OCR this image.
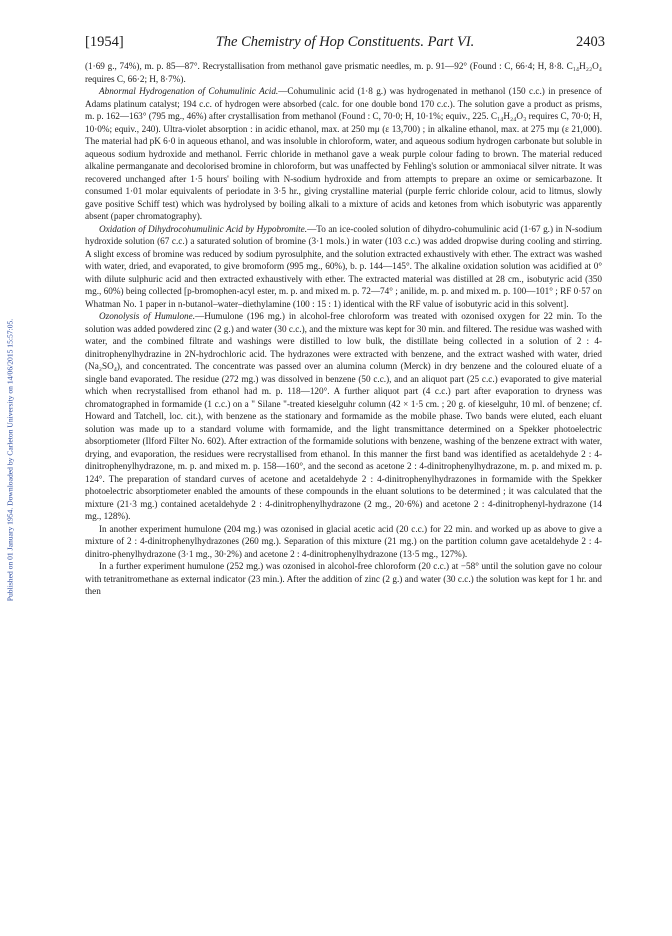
[1954]	The Chemistry of Hop Constituents. Part VI.	2403
Published on 01 January 1954. Downloaded by Carleton University on 14/06/2015 15:57:05.

(1·69 g., 74%), m. p. 85—87°. Recrystallisation from methanol gave prismatic needles, m. p. 91—92° (Found : C, 66·4; H, 8·8. C₁₄H₂₂O₄ requires C, 66·2; H, 8·7%).

Abnormal Hydrogenation of Cohumulinic Acid.—Cohumulinic acid (1·8 g.) was hydrogenated in methanol (150 c.c.) in presence of Adams platinum catalyst; 194 c.c. of hydrogen were absorbed (calc. for one double bond 170 c.c.). The solution gave a product as prisms, m. p. 162—163° (795 mg., 46%) after crystallisation from methanol (Found : C, 70·0; H, 10·1%; equiv., 225. C₁₄H₂₄O₃ requires C, 70·0; H, 10·0%; equiv., 240). Ultra-violet absorption : in acidic ethanol, max. at 250 mμ (ε 13,700) ; in alkaline ethanol, max. at 275 mμ (ε 21,000). The material had pK 6·0 in aqueous ethanol, and was insoluble in chloroform, water, and aqueous sodium hydrogen carbonate but soluble in aqueous sodium hydroxide and methanol. Ferric chloride in methanol gave a weak purple colour fading to brown. The material reduced alkaline permanganate and decolorised bromine in chloroform, but was unaffected by Fehling's solution or ammoniacal silver nitrate. It was recovered unchanged after 1·5 hours' boiling with N-sodium hydroxide and from attempts to prepare an oxime or semicarbazone. It consumed 1·01 molar equivalents of periodate in 3·5 hr., giving crystalline material (purple ferric chloride colour, acid to litmus, slowly gave positive Schiff test) which was hydrolysed by boiling alkali to a mixture of acids and ketones from which isobutyric was apparently absent (paper chromatography).

Oxidation of Dihydrocohumulinic Acid by Hypobromite.—To an ice-cooled solution of dihydro-cohumulinic acid (1·67 g.) in N-sodium hydroxide solution (67 c.c.) a saturated solution of bromine (3·1 mols.) in water (103 c.c.) was added dropwise during cooling and stirring. A slight excess of bromine was reduced by sodium pyrosulphite, and the solution extracted exhaustively with ether. The extract was washed with water, dried, and evaporated, to give bromoform (995 mg., 60%), b. p. 144—145°. The alkaline oxidation solution was acidified at 0° with dilute sulphuric acid and then extracted exhaustively with ether. The extracted material was distilled at 28 cm., isobutyric acid (350 mg., 60%) being collected [p-bromophen-acyl ester, m. p. and mixed m. p. 72—74° ; anilide, m. p. and mixed m. p. 100—101° ; RF 0·57 on Whatman No. 1 paper in n-butanol–water–diethylamine (100 : 15 : 1) identical with the RF value of isobutyric acid in this solvent].

Ozonolysis of Humulone.—Humulone (196 mg.) in alcohol-free chloroform was treated with ozonised oxygen for 22 min. To the solution was added powdered zinc (2 g.) and water (30 c.c.), and the mixture was kept for 30 min. and filtered. The residue was washed with water, and the combined filtrate and washings were distilled to low bulk, the distillate being collected in a solution of 2 : 4-dinitrophenylhydrazine in 2N-hydrochloric acid. The hydrazones were extracted with benzene, and the extract washed with water, dried (Na₂SO₄), and concentrated. The concentrate was passed over an alumina column (Merck) in dry benzene and the coloured eluate of a single band evaporated. The residue (272 mg.) was dissolved in benzene (50 c.c.), and an aliquot part (25 c.c.) evaporated to give material which when recrystallised from ethanol had m. p. 118—120°. A further aliquot part (4 c.c.) part after evaporation to dryness was chromatographed in formamide (1 c.c.) on a " Silane "-treated kieselguhr column (42 × 1·5 cm. ; 20 g. of kieselguhr, 10 ml. of benzene; cf. Howard and Tatchell, loc. cit.), with benzene as the stationary and formamide as the mobile phase. Two bands were eluted, each eluant solution was made up to a standard volume with formamide, and the light transmittance determined on a Spekker photoelectric absorptiometer (Ilford Filter No. 602). After extraction of the formamide solutions with benzene, washing of the benzene extract with water, drying, and evaporation, the residues were recrystallised from ethanol. In this manner the first band was identified as acetaldehyde 2 : 4-dinitrophenylhydrazone, m. p. and mixed m. p. 158—160°, and the second as acetone 2 : 4-dinitrophenylhydrazone, m. p. and mixed m. p. 124°. The preparation of standard curves of acetone and acetaldehyde 2 : 4-dinitrophenylhydrazones in formamide with the Spekker photoelectric absorptiometer enabled the amounts of these compounds in the eluant solutions to be determined ; it was calculated that the mixture (21·3 mg.) contained acetaldehyde 2 : 4-dinitrophenylhydrazone (2 mg., 20·6%) and acetone 2 : 4-dinitrophenyl-hydrazone (14 mg., 128%).

In another experiment humulone (204 mg.) was ozonised in glacial acetic acid (20 c.c.) for 22 min. and worked up as above to give a mixture of 2 : 4-dinitrophenylhydrazones (260 mg.). Separation of this mixture (21 mg.) on the partition column gave acetaldehyde 2 : 4-dinitro-phenylhydrazone (3·1 mg., 30·2%) and acetone 2 : 4-dinitrophenylhydrazone (13·5 mg., 127%).

In a further experiment humulone (252 mg.) was ozonised in alcohol-free chloroform (20 c.c.) at −58° until the solution gave no colour with tetranitromethane as external indicator (23 min.). After the addition of zinc (2 g.) and water (30 c.c.) the solution was kept for 1 hr. and then
